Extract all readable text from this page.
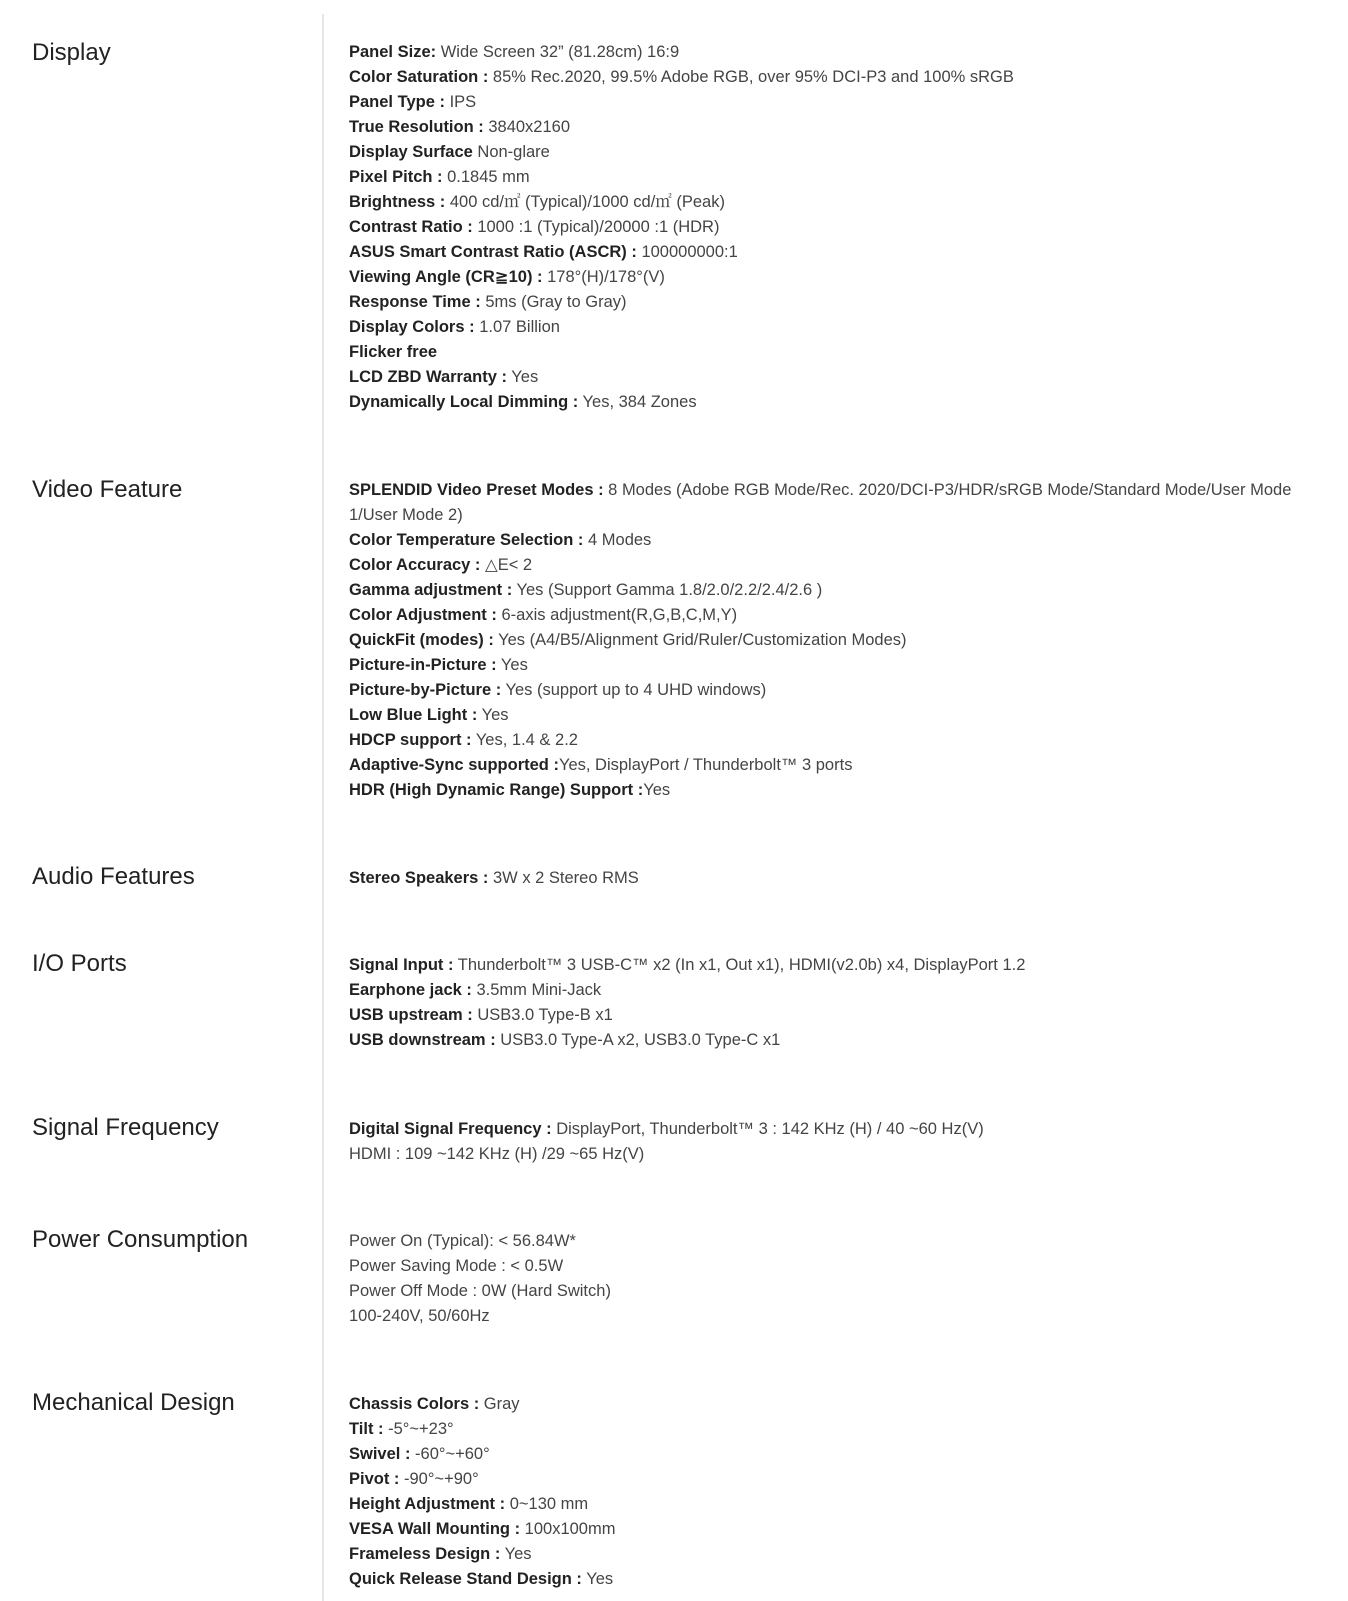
Display	Panel Size: Wide Screen 32” (81.28cm) 16:9

Color Saturation : 85% Rec.2020, 99.5% Adobe RGB, over 95% DCI-P3 and 100% sRGB

Panel Type : IPS

True Resolution : 3840x2160

Display Surface Non-glare

Pixel Pitch : 0.1845 mm

Brightness : 400 cd/㎡ (Typical)/1000 cd/㎡ (Peak)

Contrast Ratio : 1000 :1 (Typical)/20000 :1 (HDR)

ASUS Smart Contrast Ratio (ASCR) : 100000000:1

Viewing Angle (CR≧10) : 178°(H)/178°(V)

Response Time : 5ms (Gray to Gray)

Display Colors : 1.07 Billion

Flicker free

LCD ZBD Warranty : Yes

Dynamically Local Dimming : Yes, 384 Zones

Video Feature	SPLENDID Video Preset Modes : 8 Modes (Adobe RGB Mode/Rec. 2020/DCI-P3/HDR/sRGB Mode/Standard Mode/User Mode 1/User Mode 2)

Color Temperature Selection : 4 Modes

Color Accuracy : △E< 2

Gamma adjustment : Yes (Support Gamma 1.8/2.0/2.2/2.4/2.6 )

Color Adjustment : 6-axis adjustment(R,G,B,C,M,Y)

QuickFit (modes) : Yes (A4/B5/Alignment Grid/Ruler/Customization Modes)

Picture-in-Picture : Yes

Picture-by-Picture : Yes (support up to 4 UHD windows)

Low Blue Light : Yes

HDCP support : Yes, 1.4 & 2.2

Adaptive-Sync supported :Yes, DisplayPort / Thunderbolt™ 3 ports

HDR (High Dynamic Range) Support :Yes

Audio Features	Stereo Speakers : 3W x 2 Stereo RMS

I/O Ports	Signal Input : Thunderbolt™ 3 USB-C™ x2 (In x1, Out x1), HDMI(v2.0b) x4, DisplayPort 1.2

Earphone jack : 3.5mm Mini-Jack

USB upstream : USB3.0 Type-B x1

USB downstream : USB3.0 Type-A x2, USB3.0 Type-C x1

Signal Frequency	Digital Signal Frequency : DisplayPort, Thunderbolt™ 3 : 142 KHz (H) / 40 ~60 Hz(V)

HDMI : 109 ~142 KHz (H) /29 ~65 Hz(V)

Power Consumption	Power On (Typical): < 56.84W*

Power Saving Mode : < 0.5W

Power Off Mode : 0W (Hard Switch)

100-240V, 50/60Hz

Mechanical Design	Chassis Colors : Gray

Tilt : -5°~+23°

Swivel : -60°~+60°

Pivot : -90°~+90°

Height Adjustment : 0~130 mm

VESA Wall Mounting : 100x100mm

Frameless Design : Yes

Quick Release Stand Design : Yes
